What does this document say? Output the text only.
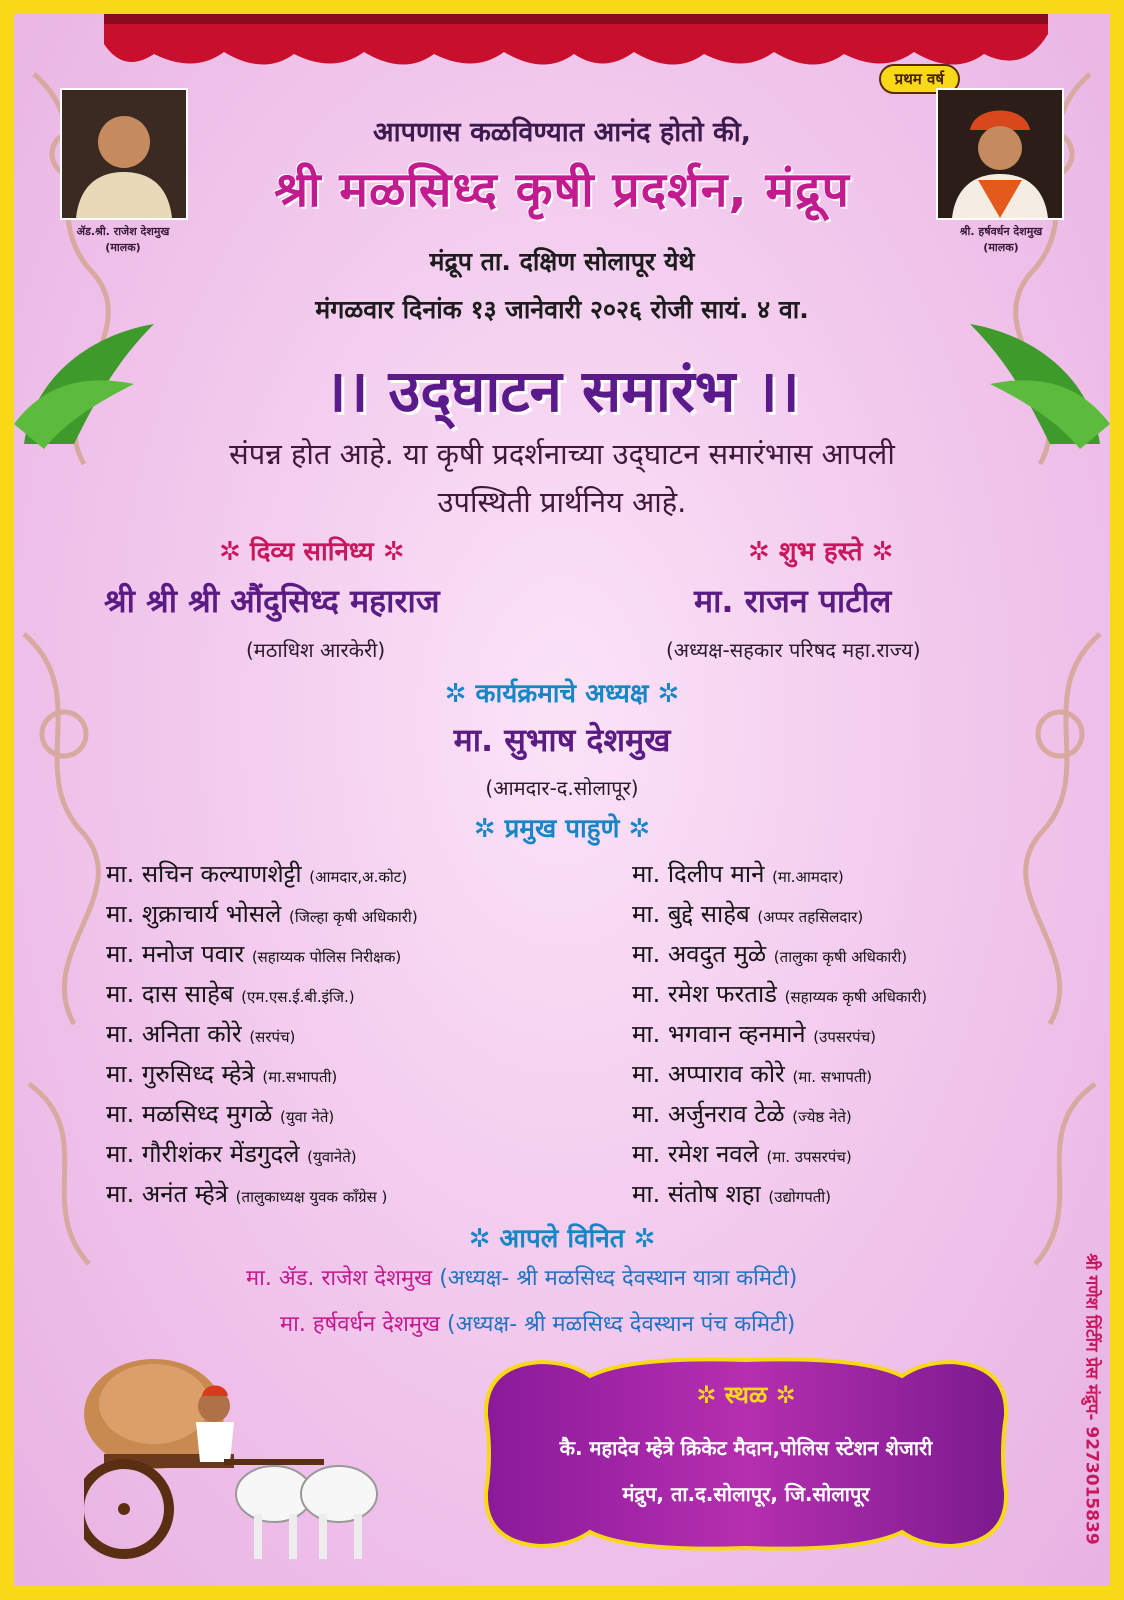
प्रथम वर्ष
ॲड.श्री. राजेश देशमुख
(मालक)
श्री. हर्षवर्धन देशमुख
(मालक)
आपणास कळविण्यात आनंद होतो की,
श्री मळसिध्द कृषी प्रदर्शन, मंद्रूप
मंद्रूप ता. दक्षिण सोलापूर येथे
मंगळवार दिनांक १३ जानेवारी २०२६ रोजी सायं. ४ वा.
।। उद्‌घाटन समारंभ ।।
संपन्न होत आहे. या कृषी प्रदर्शनाच्या उद्‌घाटन समारंभास आपली
उपस्थिती प्रार्थनिय आहे.
✲ दिव्य सानिध्य ✲	✲ शुभ हस्ते ✲
श्री श्री श्री औंदुसिध्द महाराज	मा. राजन पाटील
(मठाधिश आरकेरी)	(अध्यक्ष-सहकार परिषद महा.राज्य)
✲ कार्यक्रमाचे अध्यक्ष ✲
मा. सुभाष देशमुख
(आमदार-द.सोलापूर)
✲ प्रमुख पाहुणे ✲
मा. सचिन कल्याणशेट्टी (आमदार,अ.कोट)
मा. शुक्राचार्य भोसले (जिल्हा कृषी अधिकारी)
मा. मनोज पवार (सहाय्यक पोलिस निरीक्षक)
मा. दास साहेब (एम.एस.ई.बी.इंजि.)
मा. अनिता कोरे (सरपंच)
मा. गुरुसिध्द म्हेत्रे (मा.सभापती)
मा. मळसिध्द मुगळे (युवा नेते)
मा. गौरीशंकर मेंडगुदले (युवानेते)
मा. अनंत म्हेत्रे (तालुकाध्यक्ष युवक काँग्रेस )
मा. दिलीप माने (मा.आमदार)
मा. बुद्दे साहेब (अप्पर तहसिलदार)
मा. अवदुत मुळे (तालुका कृषी अधिकारी)
मा. रमेश फरताडे (सहाय्यक कृषी अधिकारी)
मा. भगवान व्हनमाने (उपसरपंच)
मा. अप्पाराव कोरे (मा. सभापती)
मा. अर्जुनराव टेळे (ज्येष्ठ नेते)
मा. रमेश नवले (मा. उपसरपंच)
मा. संतोष शहा (उद्योगपती)
✲ आपले विनित ✲
मा. ॲड. राजेश देशमुख (अध्यक्ष- श्री मळसिध्द देवस्थान यात्रा कमिटी)
मा. हर्षवर्धन देशमुख (अध्यक्ष- श्री मळसिध्द देवस्थान पंच कमिटी)
✲ स्थळ ✲
कै. महादेव म्हेत्रे क्रिकेट मैदान,पोलिस स्टेशन शेजारी
मंद्रुप, ता.द.सोलापूर, जि.सोलापूर	श्री गणेश प्रिंटींग प्रेस मंद्रुप- 9273015839
